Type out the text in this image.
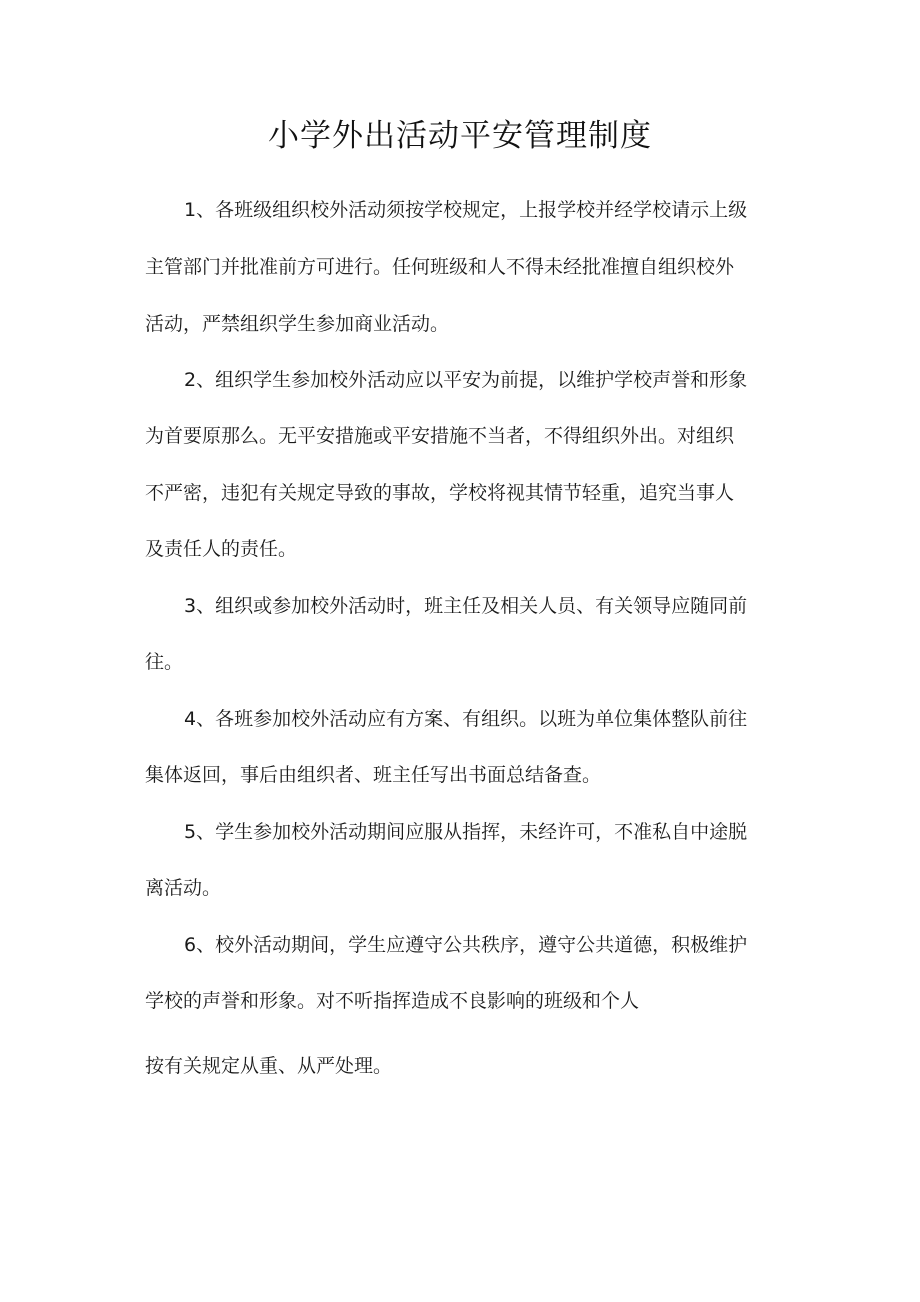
小学外出活动平安管理制度
1、各班级组织校外活动须按学校规定，上报学校并经学校请示上级
主管部门并批准前方可进行。任何班级和人不得未经批准擅自组织校外
活动，严禁组织学生参加商业活动。
2、组织学生参加校外活动应以平安为前提，以维护学校声誉和形象
为首要原那么。无平安措施或平安措施不当者，不得组织外出。对组织
不严密，违犯有关规定导致的事故，学校将视其情节轻重，追究当事人
及责任人的责任。
3、组织或参加校外活动时，班主任及相关人员、有关领导应随同前
往。
4、各班参加校外活动应有方案、有组织。以班为单位集体整队前往
集体返回，事后由组织者、班主任写出书面总结备查。
5、学生参加校外活动期间应服从指挥，未经许可，不准私自中途脱
离活动。
6、校外活动期间，学生应遵守公共秩序，遵守公共道德，积极维护
学校的声誉和形象。对不听指挥造成不良影响的班级和个人
按有关规定从重、从严处理。
